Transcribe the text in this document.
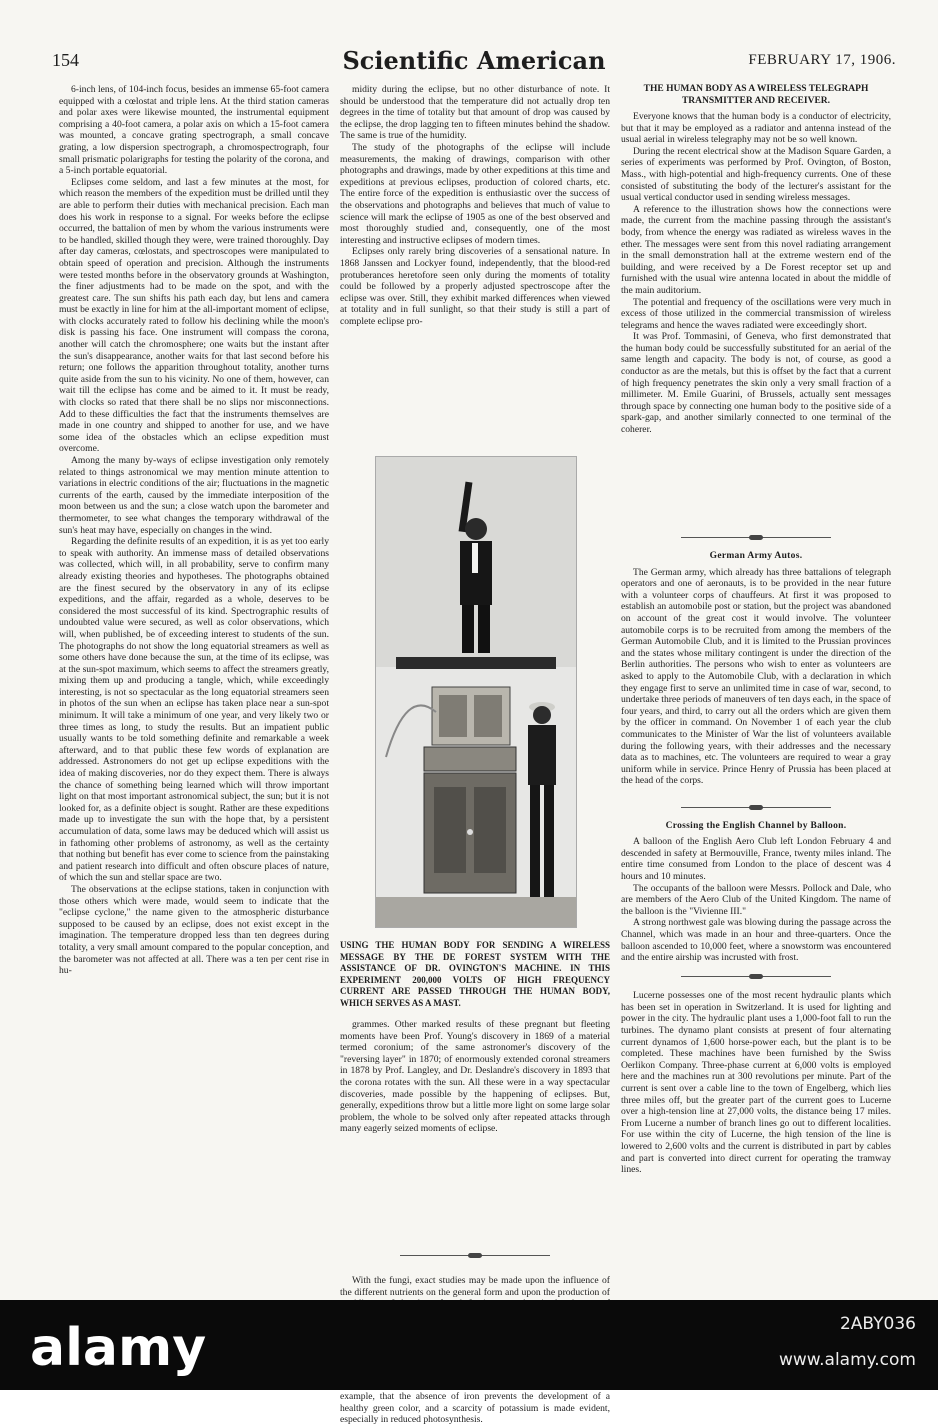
154	Scientific American	FEBRUARY 17, 1906.

6-inch lens, of 104-inch focus, besides an immense 65-foot camera equipped with a cœlostat and triple lens. At the third station cameras and polar axes were likewise mounted, the instrumental equipment comprising a 40-foot camera, a polar axis on which a 15-foot camera was mounted, a concave grating spectrograph, a small concave grating, a low dispersion spectrograph, a chromospectrograph, four small prismatic polarigraphs for testing the polarity of the corona, and a 5-inch portable equatorial.

Eclipses come seldom, and last a few minutes at the most, for which reason the members of the expedition must be drilled until they are able to perform their duties with mechanical precision. Each man does his work in response to a signal. For weeks before the eclipse occurred, the battalion of men by whom the various instruments were to be handled, skilled though they were, were trained thoroughly. Day after day cameras, cœlostats, and spectroscopes were manipulated to obtain speed of operation and precision. Although the instruments were tested months before in the observatory grounds at Washington, the finer adjustments had to be made on the spot, and with the greatest care. The sun shifts his path each day, but lens and camera must be exactly in line for him at the all-important moment of eclipse, with clocks accurately rated to follow his declining while the moon's disk is passing his face. One instrument will compass the corona, another will catch the chromosphere; one waits but the instant after the sun's disappearance, another waits for that last second before his return; one follows the apparition throughout totality, another turns quite aside from the sun to his vicinity. No one of them, however, can wait till the eclipse has come and be aimed to it. It must be ready, with clocks so rated that there shall be no slips nor misconnections. Add to these difficulties the fact that the instruments themselves are made in one country and shipped to another for use, and we have some idea of the obstacles which an eclipse expedition must overcome.

Among the many by-ways of eclipse investigation only remotely related to things astronomical we may mention minute attention to variations in electric conditions of the air; fluctuations in the magnetic currents of the earth, caused by the immediate interposition of the moon between us and the sun; a close watch upon the barometer and thermometer, to see what changes the temporary withdrawal of the sun's heat may have, especially on changes in the wind.

Regarding the definite results of an expedition, it is as yet too early to speak with authority. An immense mass of detailed observations was collected, which will, in all probability, serve to confirm many already existing theories and hypotheses. The photographs obtained are the finest secured by the observatory in any of its eclipse expeditions, and the affair, regarded as a whole, deserves to be considered the most successful of its kind. Spectrographic results of undoubted value were secured, as well as color observations, which will, when published, be of exceeding interest to students of the sun. The photographs do not show the long equatorial streamers as well as some others have done because the sun, at the time of its eclipse, was at the sun-spot maximum, which seems to affect the streamers greatly, mixing them up and producing a tangle, which, while exceedingly interesting, is not so spectacular as the long equatorial streamers seen in photos of the sun when an eclipse has taken place near a sun-spot minimum. It will take a minimum of one year, and very likely two or three times as long, to study the results. But an impatient public usually wants to be told something definite and remarkable a week afterward, and to that public these few words of explanation are addressed. Astronomers do not get up eclipse expeditions with the idea of making discoveries, nor do they expect them. There is always the chance of something being learned which will throw important light on that most important astronomical subject, the sun; but it is not looked for, as a definite object is sought. Rather are these expeditions made up to investigate the sun with the hope that, by a persistent accumulation of data, some laws may be deduced which will assist us in fathoming other problems of astronomy, as well as the certainty that nothing but benefit has ever come to science from the painstaking and patient research into difficult and often obscure places of nature, of which the sun and stellar space are two.

The observations at the eclipse stations, taken in conjunction with those others which were made, would seem to indicate that the "eclipse cyclone," the name given to the atmospheric disturbance supposed to be caused by an eclipse, does not exist except in the imagination. The temperature dropped less than ten degrees during totality, a very small amount compared to the popular conception, and the barometer was not affected at all. There was a ten per cent rise in hu-

midity during the eclipse, but no other disturbance of note. It should be understood that the temperature did not actually drop ten degrees in the time of totality but that amount of drop was caused by the eclipse, the drop lagging ten to fifteen minutes behind the shadow. The same is true of the humidity.

The study of the photographs of the eclipse will include measurements, the making of drawings, comparison with other photographs and drawings, made by other expeditions at this time and expeditions at previous eclipses, production of colored charts, etc. The entire force of the expedition is enthusiastic over the success of the observations and photographs and believes that much of value to science will mark the eclipse of 1905 as one of the best observed and most thoroughly studied and, consequently, one of the most interesting and instructive eclipses of modern times.

Eclipses only rarely bring discoveries of a sensational nature. In 1868 Janssen and Lockyer found, independently, that the blood-red protuberances heretofore seen only during the moments of totality could be followed by a properly adjusted spectroscope after the eclipse was over. Still, they exhibit marked differences when viewed at totality and in full sunlight, so that their study is still a part of complete eclipse pro-

USING THE HUMAN BODY FOR SENDING A WIRELESS MESSAGE BY THE DE FOREST SYSTEM WITH THE ASSISTANCE OF DR. OVINGTON'S MACHINE. IN THIS EXPERIMENT 200,000 VOLTS OF HIGH FREQUENCY CURRENT ARE PASSED THROUGH THE HUMAN BODY, WHICH SERVES AS A MAST.

grammes. Other marked results of these pregnant but fleeting moments have been Prof. Young's discovery in 1869 of a material termed coronium; of the same astronomer's discovery of the "reversing layer" in 1870; of enormously extended coronal streamers in 1878 by Prof. Langley, and Dr. Deslandre's discovery in 1893 that the corona rotates with the sun. All these were in a way spectacular discoveries, made possible by the happening of eclipses. But, generally, expeditions throw but a little more light on some large solar problem, the whole to be solved only after repeated attacks through many eagerly seized moments of eclipse.

With the fungi, exact studies may be made upon the influence of the different nutrients on the general form and upon the production of example, that the absence of iron prevents the development of a healthy green color, and a scarcity of potassium is made evident, especially in reduced photosynthesis.

THE HUMAN BODY AS A WIRELESS TELEGRAPH TRANSMITTER AND RECEIVER.

Everyone knows that the human body is a conductor of electricity, but that it may be employed as a radiator and antenna instead of the usual aerial in wireless telegraphy may not be so well known.

During the recent electrical show at the Madison Square Garden, a series of experiments was performed by Prof. Ovington, of Boston, Mass., with high-potential and high-frequency currents. One of these consisted of substituting the body of the lecturer's assistant for the usual vertical conductor used in sending wireless messages.

A reference to the illustration shows how the connections were made, the current from the machine passing through the assistant's body, from whence the energy was radiated as wireless waves in the ether. The messages were sent from this novel radiating arrangement in the small demonstration hall at the extreme western end of the building, and were received by a De Forest receptor set up and furnished with the usual wire antenna located in about the middle of the main auditorium.

The potential and frequency of the oscillations were very much in excess of those utilized in the commercial transmission of wireless telegrams and hence the waves radiated were exceedingly short.

It was Prof. Tommasini, of Geneva, who first demonstrated that the human body could be successfully substituted for an aerial of the same length and capacity. The body is not, of course, as good a conductor as are the metals, but this is offset by the fact that a current of high frequency penetrates the skin only a very small fraction of a millimeter. M. Emile Guarini, of Brussels, actually sent messages through space by connecting one human body to the positive side of a spark-gap, and another similarly connected to one terminal of the coherer.

German Army Autos.

The German army, which already has three battalions of telegraph operators and one of aeronauts, is to be provided in the near future with a volunteer corps of chauffeurs. At first it was proposed to establish an automobile post or station, but the project was abandoned on account of the great cost it would involve. The volunteer automobile corps is to be recruited from among the members of the German Automobile Club, and it is limited to the Prussian provinces and the states whose military contingent is under the direction of the Berlin authorities. The persons who wish to enter as volunteers are asked to apply to the Automobile Club, with a declaration in which they engage first to serve an unlimited time in case of war, second, to undertake three periods of maneuvers of ten days each, in the space of four years, and third, to carry out all the orders which are given them by the officer in command. On November 1 of each year the club communicates to the Minister of War the list of volunteers available during the following years, with their addresses and the necessary data as to machines, etc. The volunteers are required to wear a gray uniform while in service. Prince Henry of Prussia has been placed at the head of the corps.

Crossing the English Channel by Balloon.

A balloon of the English Aero Club left London February 4 and descended in safety at Bermouville, France, twenty miles inland. The entire time consumed from London to the place of descent was 4 hours and 10 minutes.

The occupants of the balloon were Messrs. Pollock and Dale, who are members of the Aero Club of the United Kingdom. The name of the balloon is the "Vivienne III."

A strong northwest gale was blowing during the passage across the Channel, which was made in an hour and three-quarters. Once the balloon ascended to 10,000 feet, where a snowstorm was encountered and the entire airship was incrusted with frost.

Lucerne possesses one of the most recent hydraulic plants which has been set in operation in Switzerland. It is used for lighting and power in the city. The hydraulic plant uses a 1,000-foot fall to run the turbines. The dynamo plant consists at present of four alternating current dynamos of 1,600 horse-power each, but the plant is to be completed. These machines have been furnished by the Swiss Oerlikon Company. Three-phase current at 6,000 volts is employed here and the machines run at 300 revolutions per minute. Part of the current is sent over a cable line to the town of Engelberg, which lies three miles off, but the greater part of the current goes to Lucerne over a high-tension line at 27,000 volts, the distance being 17 miles. From Lucerne a number of branch lines go out to different localities. For use within the city of Lucerne, the high tension of the line is lowered to 2,600 volts and the current is distributed in part by cables and part is converted into direct current for operating the tramway lines.

alamy	2ABY036
www.alamy.com
